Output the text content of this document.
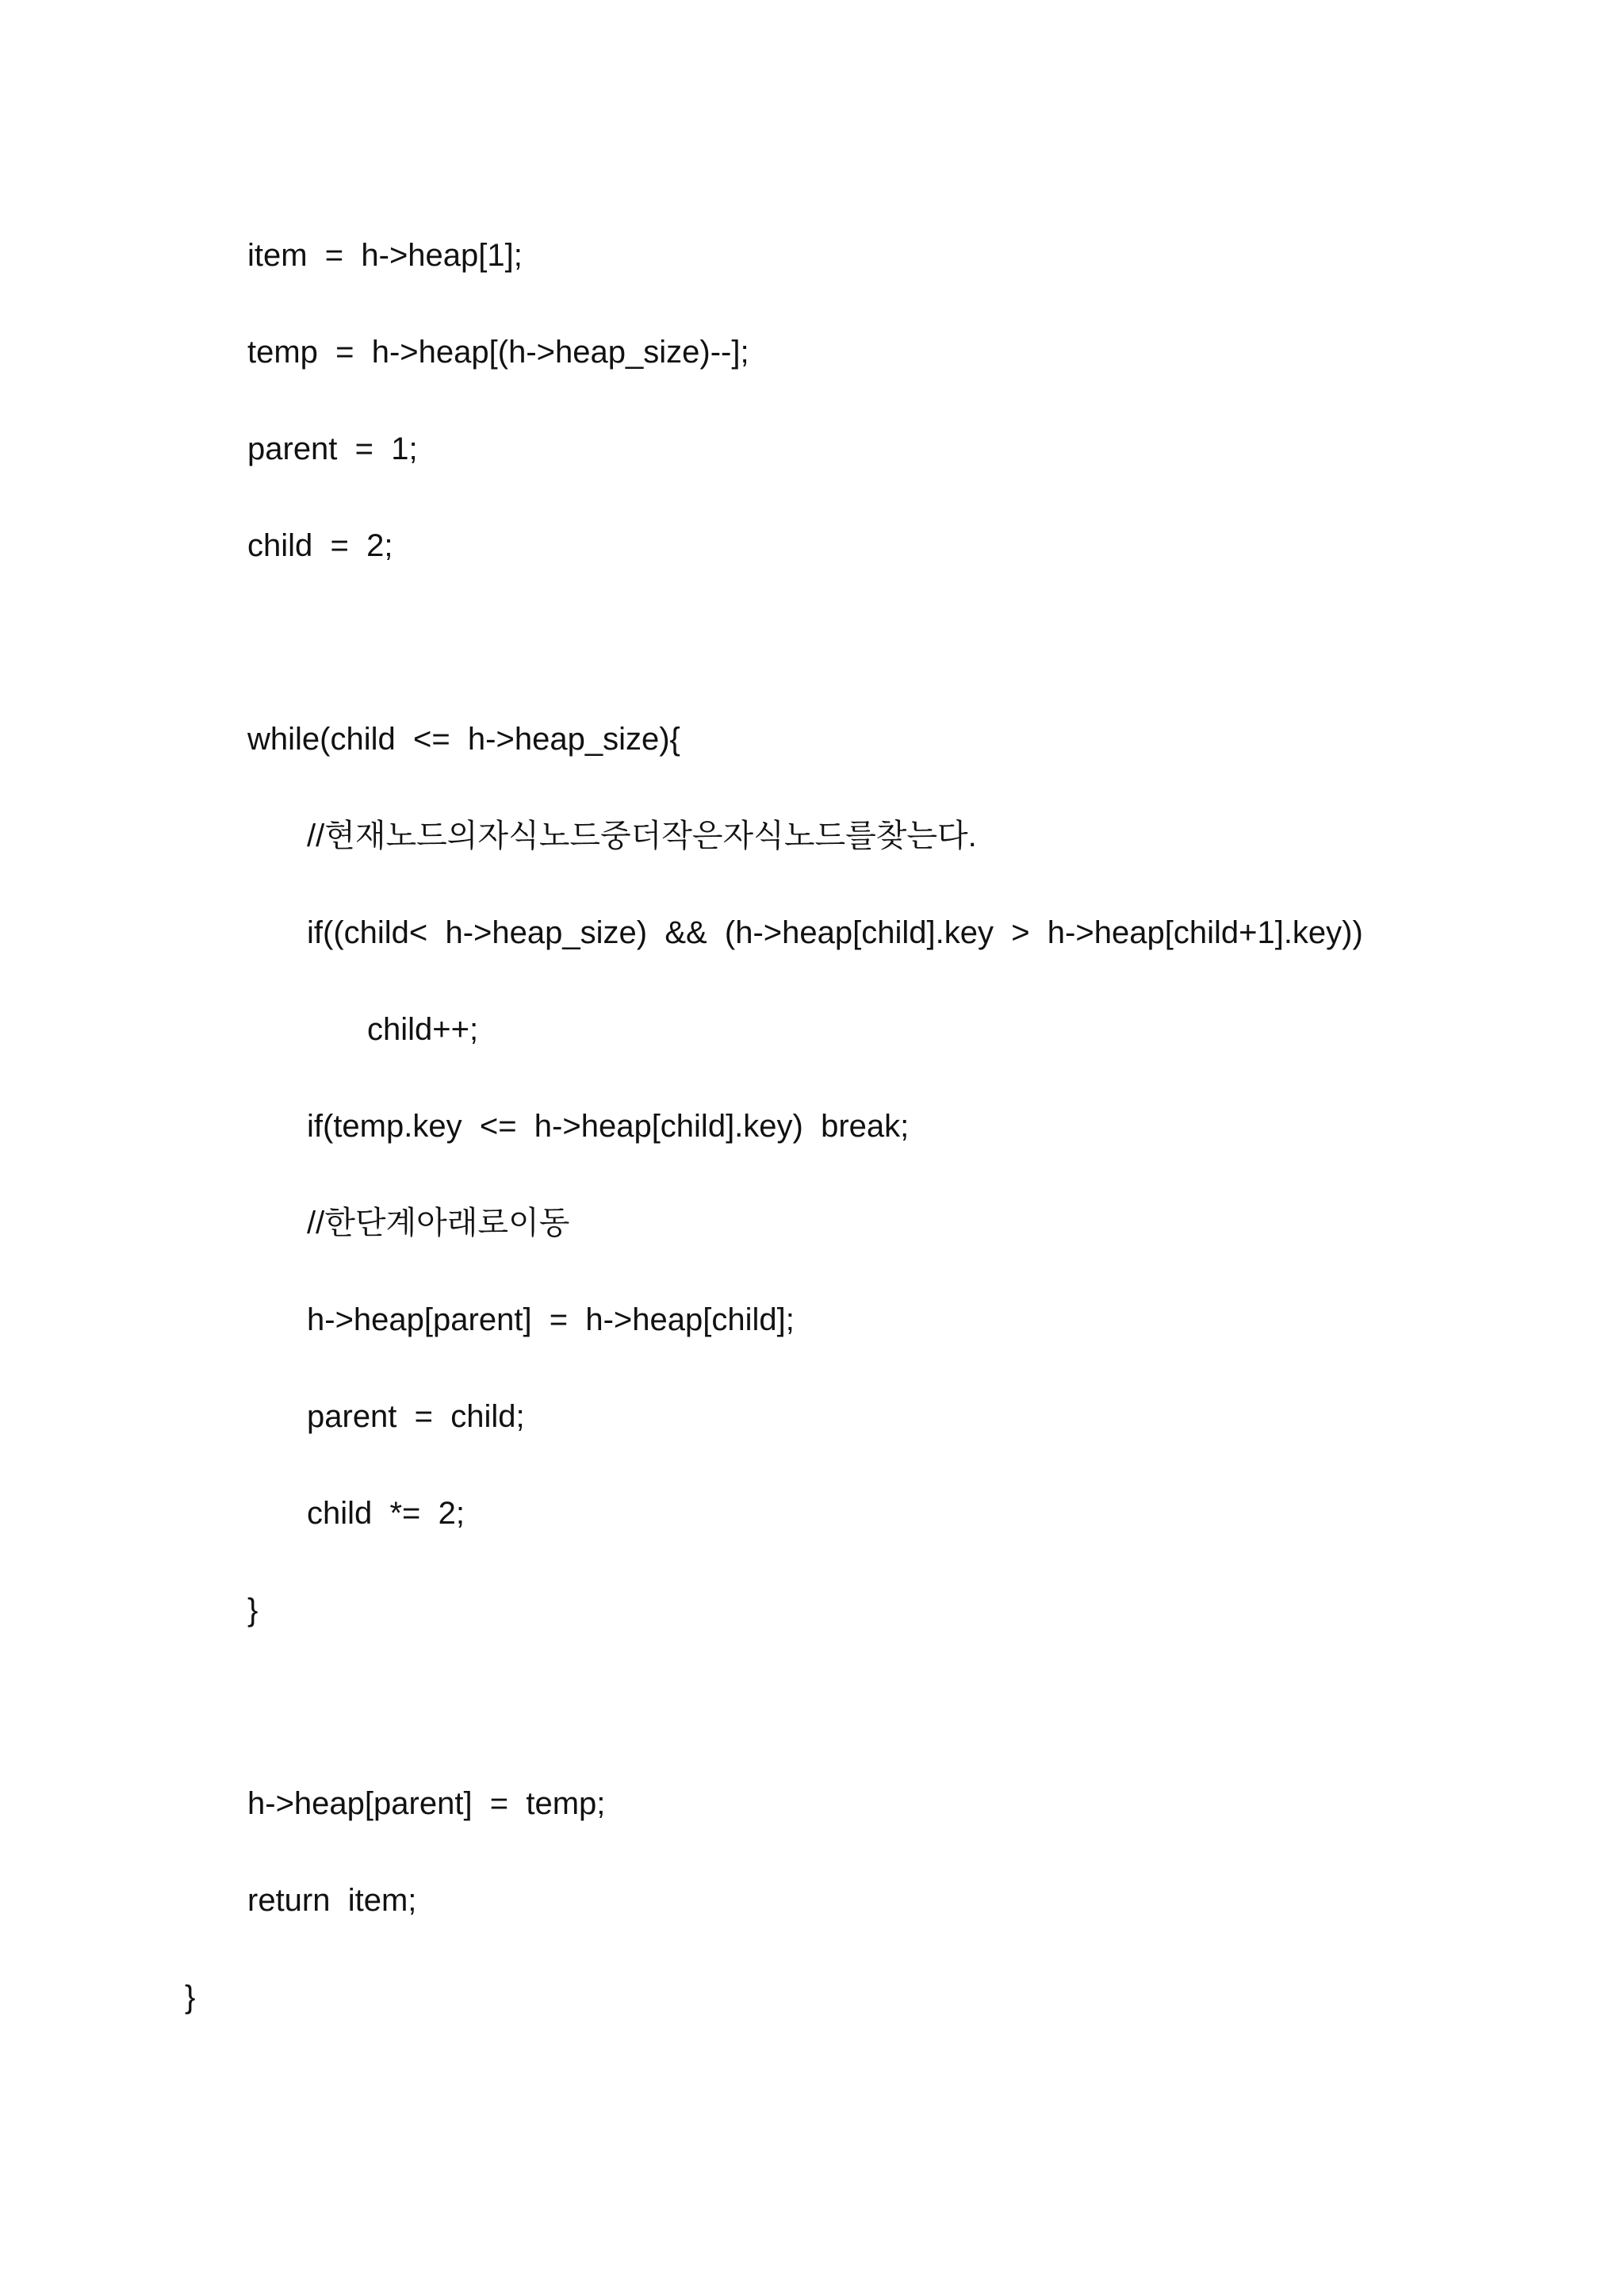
item  =  h->heap[1];
temp  =  h->heap[(h->heap_size)--];
parent  =  1;
child  =  2;
while(child  <=  h->heap_size){
//현재노드의자식노드중더작은자식노드를찾는다.
if((child<  h->heap_size)  &&  (h->heap[child].key  >  h->heap[child+1].key))
child++;
if(temp.key  <=  h->heap[child].key)  break;
//한단계아래로이동
h->heap[parent]  =  h->heap[child];
parent  =  child;
child  *=  2;
}
h->heap[parent]  =  temp;
return  item;
}
